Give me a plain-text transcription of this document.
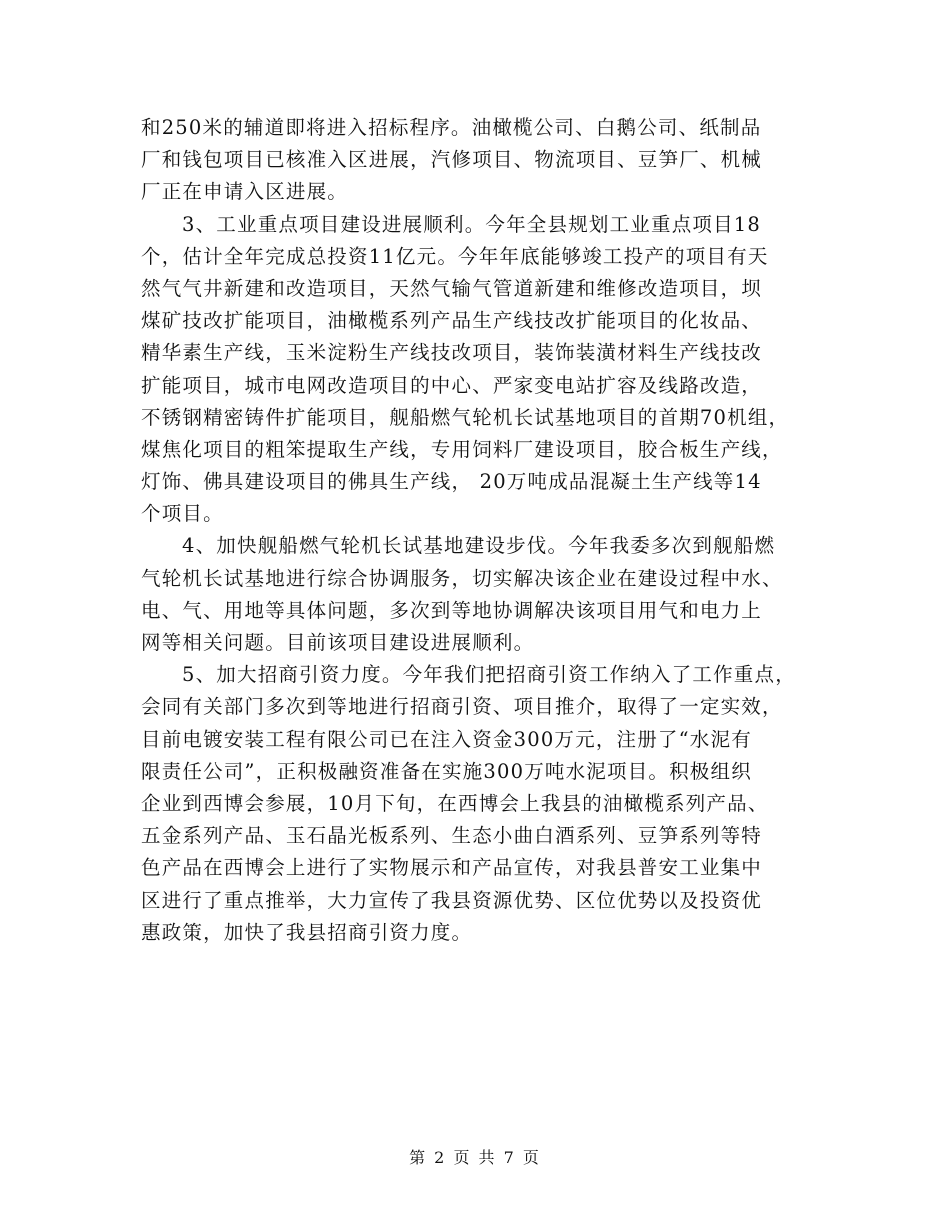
和250米的辅道即将进入招标程序。油橄榄公司、白鹅公司、纸制品
厂和钱包项目已核准入区进展，汽修项目、物流项目、豆笋厂、机械
厂正在申请入区进展。
3、工业重点项目建设进展顺利。今年全县规划工业重点项目18
个，估计全年完成总投资11亿元。今年年底能够竣工投产的项目有天
然气气井新建和改造项目，天然气输气管道新建和维修改造项目，坝
煤矿技改扩能项目，油橄榄系列产品生产线技改扩能项目的化妆品、
精华素生产线，玉米淀粉生产线技改项目，装饰装潢材料生产线技改
扩能项目，城市电网改造项目的中心、严家变电站扩容及线路改造，
不锈钢精密铸件扩能项目，舰船燃气轮机长试基地项目的首期70机组，
煤焦化项目的粗笨提取生产线，专用饲料厂建设项目，胶合板生产线，
灯饰、佛具建设项目的佛具生产线， 20万吨成品混凝土生产线等14
个项目。
4、加快舰船燃气轮机长试基地建设步伐。今年我委多次到舰船燃
气轮机长试基地进行综合协调服务，切实解决该企业在建设过程中水、
电、气、用地等具体问题，多次到等地协调解决该项目用气和电力上
网等相关问题。目前该项目建设进展顺利。
5、加大招商引资力度。今年我们把招商引资工作纳入了工作重点，
会同有关部门多次到等地进行招商引资、项目推介，取得了一定实效，
目前电镀安装工程有限公司已在注入资金300万元，注册了“水泥有
限责任公司”，正积极融资准备在实施300万吨水泥项目。积极组织
企业到西博会参展，10月下旬，在西博会上我县的油橄榄系列产品、
五金系列产品、玉石晶光板系列、生态小曲白酒系列、豆笋系列等特
色产品在西博会上进行了实物展示和产品宣传，对我县普安工业集中
区进行了重点推举，大力宣传了我县资源优势、区位优势以及投资优
惠政策，加快了我县招商引资力度。
第 2 页 共 7 页
